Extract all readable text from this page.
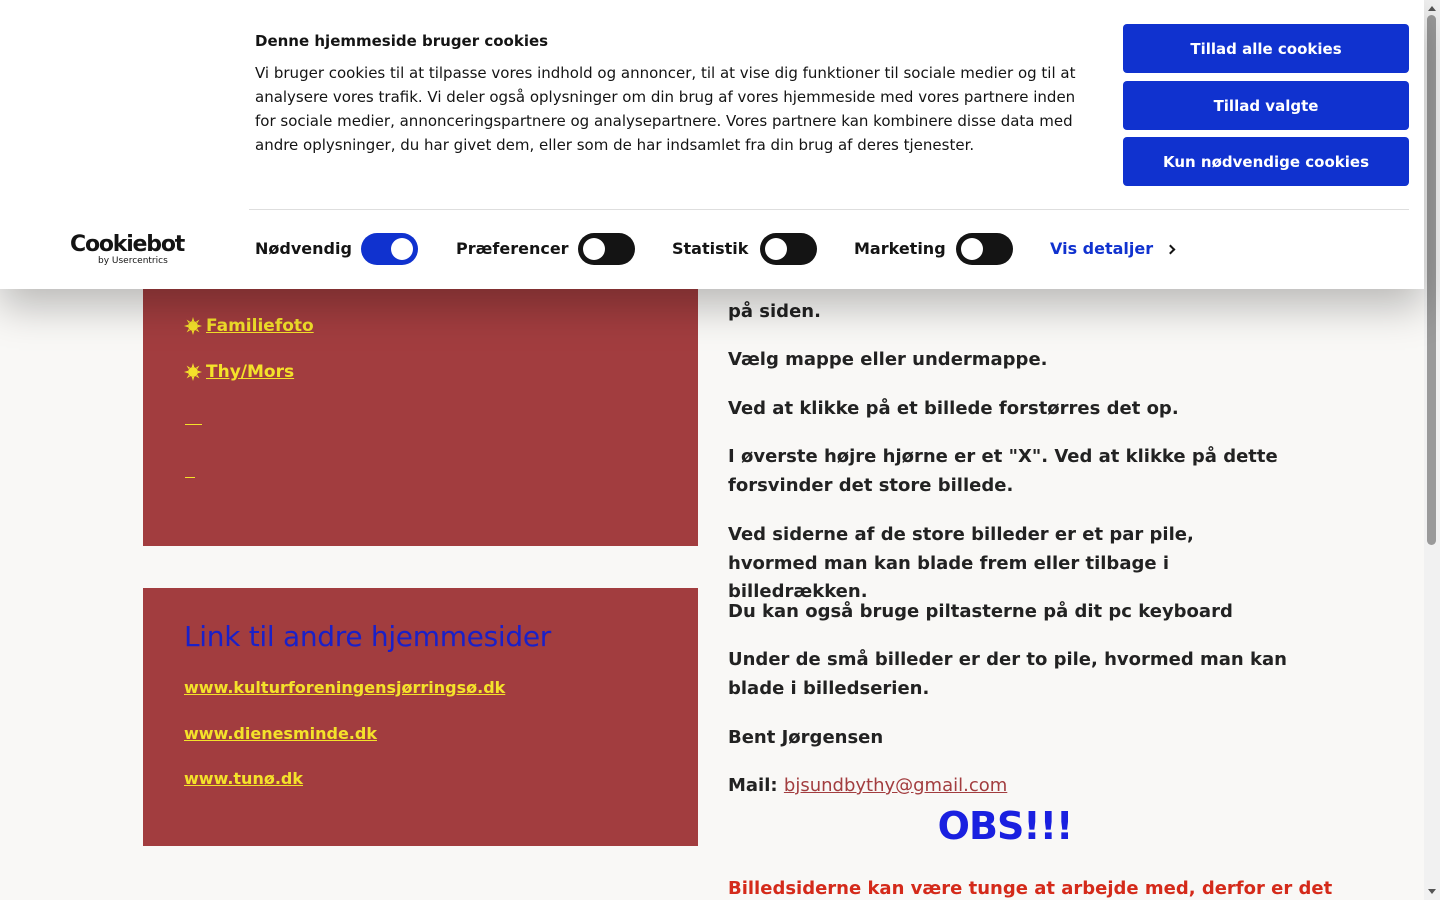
Familiefoto
Thy/Mors
Link til andre hjemmesider
www.kulturforeningensjørringsø.dk
www.dienesminde.dk
www.tunø.dk

på siden.

Vælg mappe eller undermappe.

Ved at klikke på et billede forstørres det op.

I øverste højre hjørne er et "X". Ved at klikke på dette forsvinder det store billede.

Ved siderne af de store billeder er et par pile, hvormed man kan blade frem eller tilbage i billedrækken.

Du kan også bruge piltasterne på dit pc keyboard

Under de små billeder er der to pile, hvormed man kan blade i billedserien.

Bent Jørgensen

Mail: bjsundbythy@gmail.com

OBS!!!
Billedsiderne kan være tunge at arbejde med, derfor er det
Denne hjemmeside bruger cookies
Vi bruger cookies til at tilpasse vores indhold og annoncer, til at vise dig funktioner til sociale medier og til at analysere vores trafik. Vi deler også oplysninger om din brug af vores hjemmeside med vores partnere inden for sociale medier, annonceringspartnere og analysepartnere. Vores partnere kan kombinere disse data med andre oplysninger, du har givet dem, eller som de har indsamlet fra din brug af deres tjenester.
Tillad alle cookies
Tillad valgte
Kun nødvendige cookies
Cookiebot
by Usercentrics
Nødvendig	Præferencer	Statistik	Marketing	Vis detaljer
